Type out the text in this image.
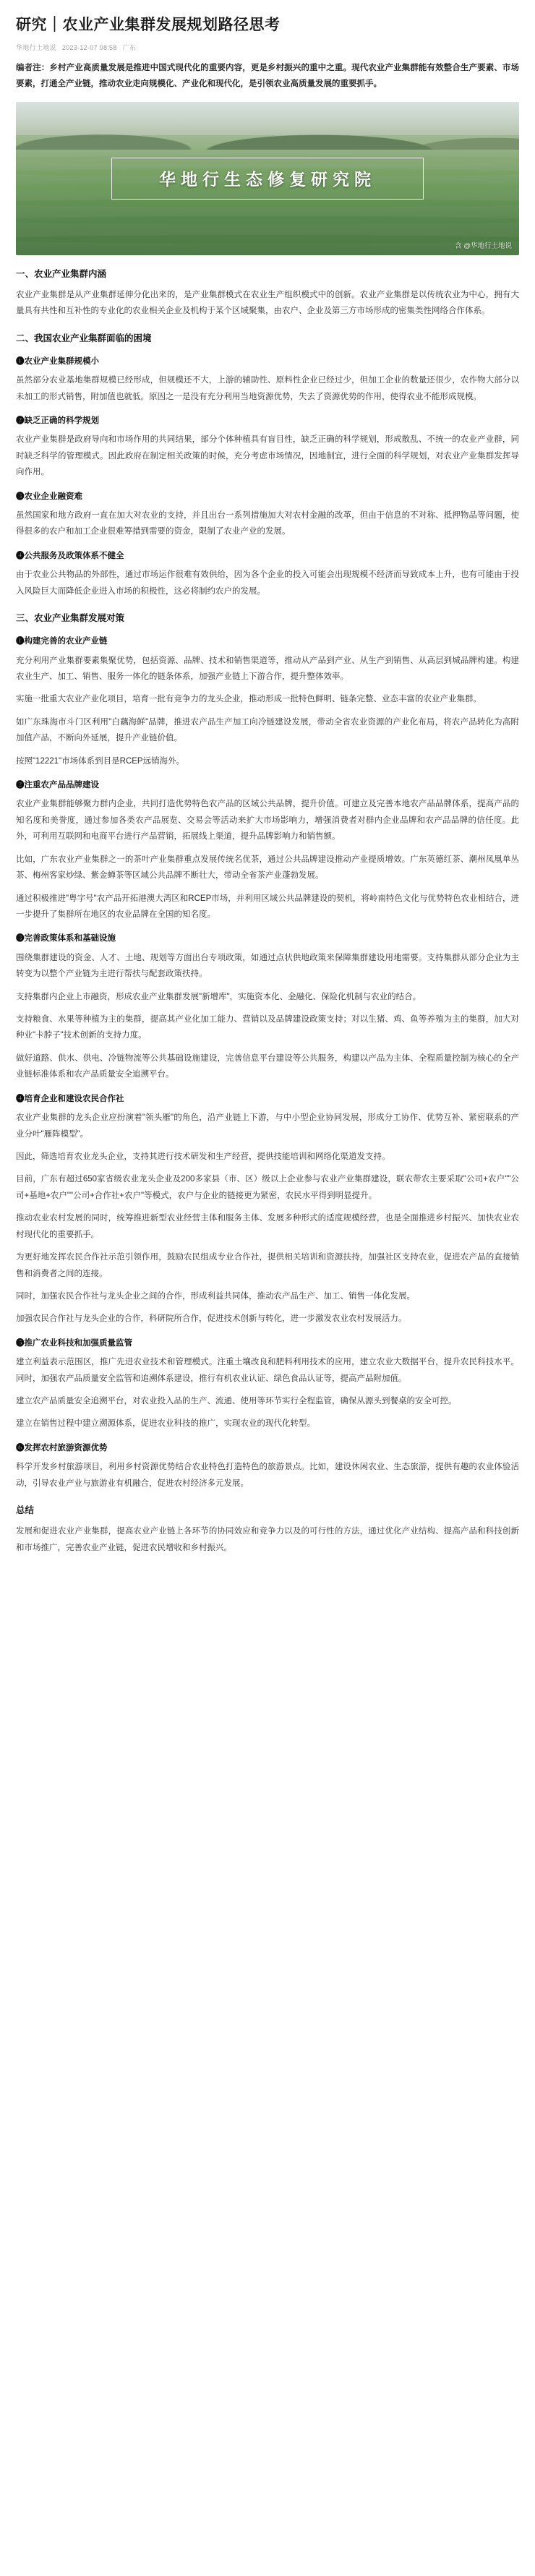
研究｜农业产业集群发展规划路径思考
华地行土地说 2023-12-07 08:58 广东

编者注：乡村产业高质量发展是推进中国式现代化的重要内容，更是乡村振兴的重中之重。现代农业产业集群能有效整合生产要素、市场要素，打通全产业链，推动农业走向规模化、产业化和现代化，是引领农业高质量发展的重要抓手。

华地行生态修复研究院
含 @华地行土地说
一、农业产业集群内涵

农业产业集群是从产业集群延伸分化出来的，是产业集群模式在农业生产组织模式中的创新。农业产业集群是以传统农业为中心，拥有大量具有共性和互补性的专业化的农业相关企业及机构于某个区域聚集，由农户、企业及第三方市场形成的密集类性网络合作体系。

二、我国农业产业集群面临的困境
❶农业产业集群规模小

虽然部分农业基地集群规模已经形成，但规模还不大，上游的辅助性、原料性企业已经过少，但加工企业的数量还很少，农作物大部分以未加工的形式销售，附加值也就低。原因之一是没有充分利用当地资源优势，失去了资源优势的作用，使得农业不能形成规模。

❷缺乏正确的科学规划

农业产业集群是政府导向和市场作用的共同结果，部分个体种植具有盲目性，缺乏正确的科学规划，形成散乱、不统一的农业产业群，同时缺乏科学的管理模式。因此政府在制定相关政策的时候，充分考虑市场情况，因地制宜，进行全面的科学规划，对农业产业集群发挥导向作用。

❸农业企业融资难

虽然国家和地方政府一直在加大对农业的支持，并且出台一系列措施加大对农村金融的改革，但由于信息的不对称、抵押物品等问题，使得很多的农户和加工企业很难筹措到需要的资金，限制了农业产业的发展。

❹公共服务及政策体系不健全

由于农业公共物品的外部性，通过市场运作很难有效供给，因为各个企业的投入可能会出现规模不经济而导致成本上升，也有可能由于投入风险巨大而降低企业进入市场的积极性，这必将制约农户的发展。

三、农业产业集群发展对策
❶构建完善的农业产业链

充分利用产业集群要素集聚优势，包括资源、品牌、技术和销售渠道等，推动从产品到产业、从生产到销售、从高层到城品牌构建。构建农业生产、加工、销售、服务一体化的链条体系，加强产业链上下游合作，提升整体效率。

实施一批重大农业产业化项目，培育一批有竞争力的龙头企业，推动形成一批特色鲜明、链条完整、业态丰富的农业产业集群。

如广东珠海市斗门区利用"白藕海鲜"品牌，推进农产品生产加工向冷链建设发展，带动全省农业资源的产业化布局，将农产品转化为高附加值产品，不断向外延展，提升产业链价值。

按照"12221"市场体系到目是RCEP远销海外。

❷注重农产品品牌建设

农业产业集群能够聚力群内企业，共同打造优势特色农产品的区域公共品牌，提升价值。可建立及完善本地农产品品牌体系，提高产品的知名度和美誉度，通过参加各类农产品展览、交易会等活动来扩大市场影响力，增强消费者对群内企业品牌和农产品品牌的信任度。此外，可利用互联网和电商平台进行产品营销，拓展线上渠道，提升品牌影响力和销售额。

比如，广东农业产业集群之一的茶叶产业集群重点发展传统名优茶，通过公共品牌建设推动产业提质增效。广东英德红茶、潮州凤凰单丛茶、梅州客家炒绿、紫金蝉茶等区域公共品牌不断壮大，带动全省茶产业蓬勃发展。

通过积极推进"粤字号"农产品开拓港澳大湾区和RCEP市场，并利用区域公共品牌建设的契机，将岭南特色文化与优势特色农业相结合，进一步提升了集群所在地区的农业品牌在全国的知名度。

❸完善政策体系和基础设施

围绕集群建设的资金、人才、土地、规划等方面出台专项政策，如通过点状供地政策来保障集群建设用地需要。支持集群从部分企业为主转变为以整个产业链为主进行帮扶与配套政策扶持。

支持集群内企业上市融资，形成农业产业集群发展"新增库"，实施资本化、金融化、保险化机制与农业的结合。

支持粮食、水果等种植为主的集群，提高其产业化加工能力、营销以及品牌建设政策支持；对以生猪、鸡、鱼等养殖为主的集群，加大对种业"卡脖子"技术创新的支持力度。

做好道路、供水、供电、冷链物流等公共基础设施建设，完善信息平台建设等公共服务，构建以产品为主体、全程质量控制为核心的全产业链标准体系和农产品质量安全追溯平台。

❹培育企业和建设农民合作社

农业产业集群的龙头企业应扮演着"领头雁"的角色，沿产业链上下游，与中小型企业协同发展，形成分工协作、优势互补、紧密联系的产业分叶"雁阵模型"。

因此，筛选培育农业龙头企业，支持其进行技术研发和生产经营，提供技能培训和网络化渠道发支持。

目前，广东有超过650家省级农业龙头企业及200多家县（市、区）级以上企业参与农业产业集群建设，联农带农主要采取"公司+农户""公司+基地+农户""公司+合作社+农户"等模式，农户与企业的链接更为紧密，农民水平得到明显提升。

推动农业农村发展的同时，统筹推进新型农业经营主体和服务主体、发展多种形式的适度规模经营，也是全面推进乡村振兴、加快农业农村现代化的重要抓手。

为更好地发挥农民合作社示范引领作用，鼓励农民组成专业合作社，提供相关培训和资源扶持，加强社区支持农业，促进农产品的直接销售和消费者之间的连接。

同时，加强农民合作社与龙头企业之间的合作，形成利益共同体，推动农产品生产、加工、销售一体化发展。

加强农民合作社与龙头企业的合作，科研院所合作，促进技术创新与转化，进一步激发农业农村发展活力。

❺推广农业科技和加强质量监管

建立利益表示范围区，推广先进农业技术和管理模式。注重土壤改良和肥料利用技术的应用，建立农业大数据平台，提升农民科技水平。同时，加强农产品质量安全监管和追溯体系建设，推行有机农业认证、绿色食品认证等，提高产品附加值。

建立农产品质量安全追溯平台，对农业投入品的生产、流通、使用等环节实行全程监管，确保从源头到餐桌的安全可控。

建立在销售过程中建立溯源体系，促进农业科技的推广，实现农业的现代化转型。

❻发挥农村旅游资源优势

科学开发乡村旅游项目，利用乡村资源优势结合农业特色打造特色的旅游景点。比如，建设休闲农业、生态旅游，提供有趣的农业体验活动，引导农业产业与旅游业有机融合，促进农村经济多元发展。

总结

发展和促进农业产业集群，提高农业产业链上各环节的协同效应和竞争力以及的可行性的方法，通过优化产业结构、提高产品和科技创新和市场推广，完善农业产业链，促进农民增收和乡村振兴。
